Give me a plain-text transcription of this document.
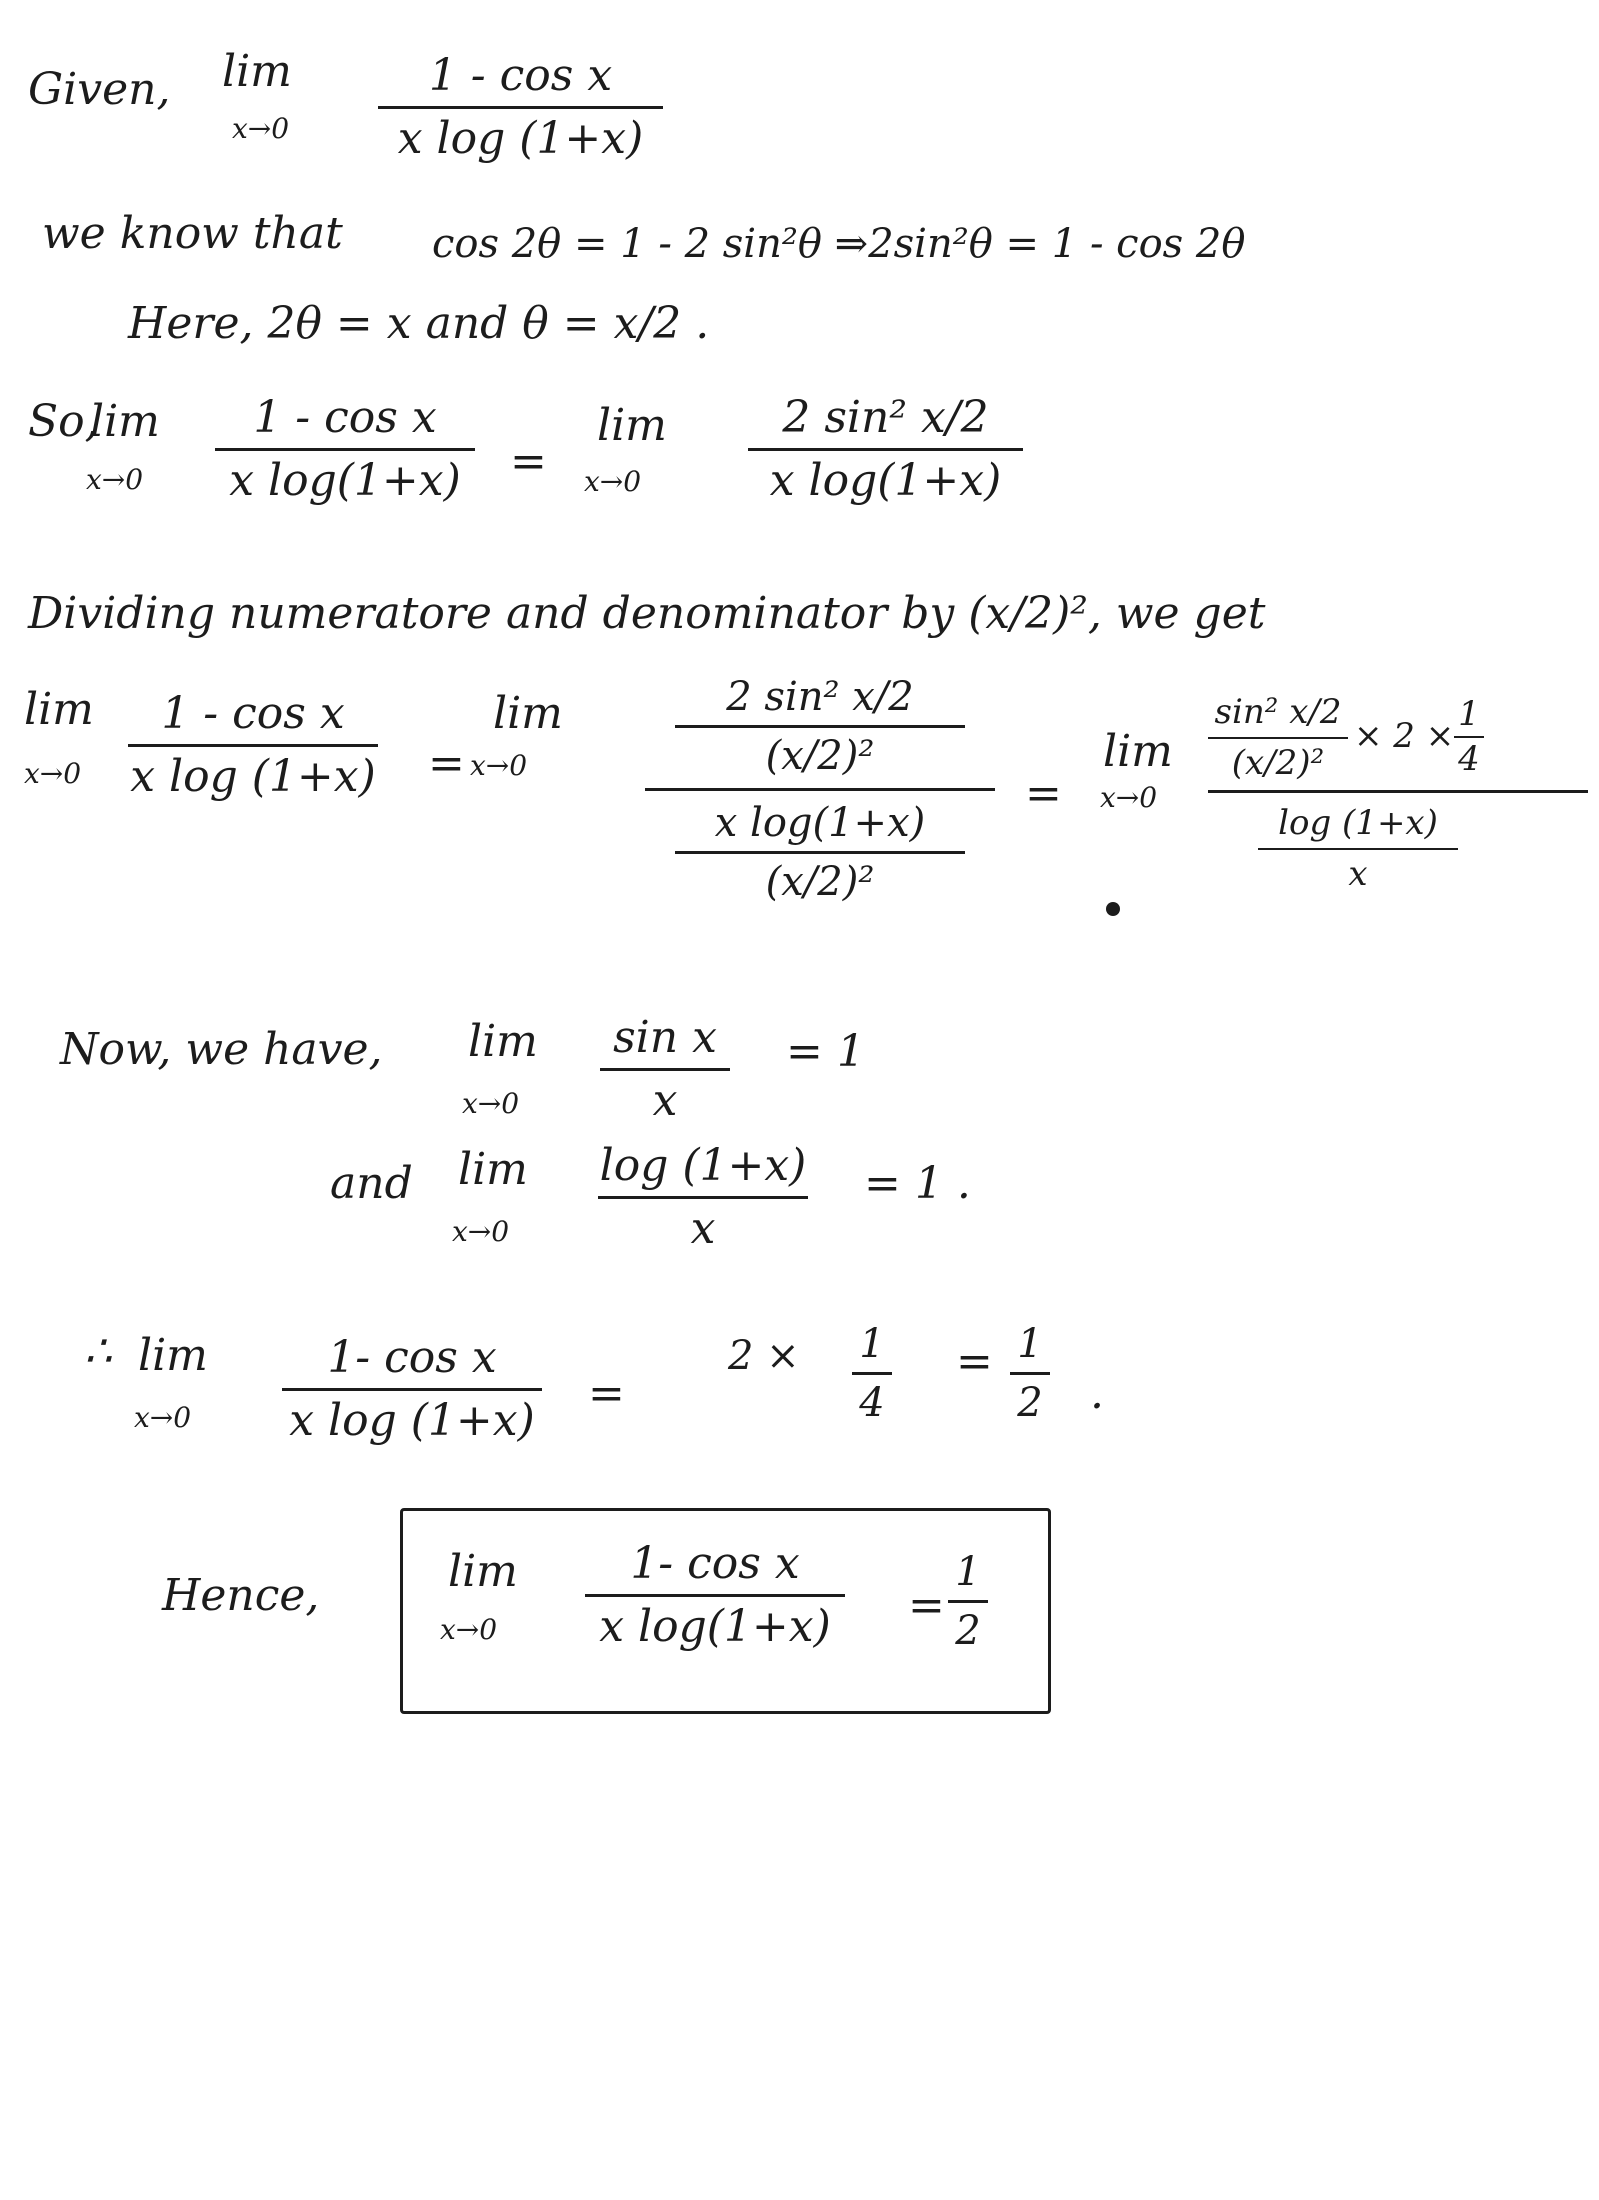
Given, lim
x→0
1 - cos x
x log (1+x)
we know that cos 2θ = 1 - 2 sin²θ ⇒2sin²θ = 1 - cos 2θ
Here, 2θ = x and θ = x/2 .
So,
lim
x→0
1 - cos x
x log(1+x)	=
lim
x→0
2 sin² x/2
x log(1+x)
Dividing numeratore and denominator by (x/2)², we get
lim
x→0
1 - cos x
x log (1+x) =
lim
x→0
2 sin² x/2
(x/2)²
x log(1+x)
(x/2)²
=
lim
x→0
sin² x/2
(x/2)²
× 2 ×
1
4
log (1+x)
x
Now, we have, lim
x→0
sin x
x
= 1
and lim
x→0
log (1+x)
x
= 1 .
∴ lim
x→0
1- cos x
x log (1+x)
=
2 × 1
4
= 1
2 .
Hence,	lim
x→0
1- cos x
x log(1+x)	=
1
2
